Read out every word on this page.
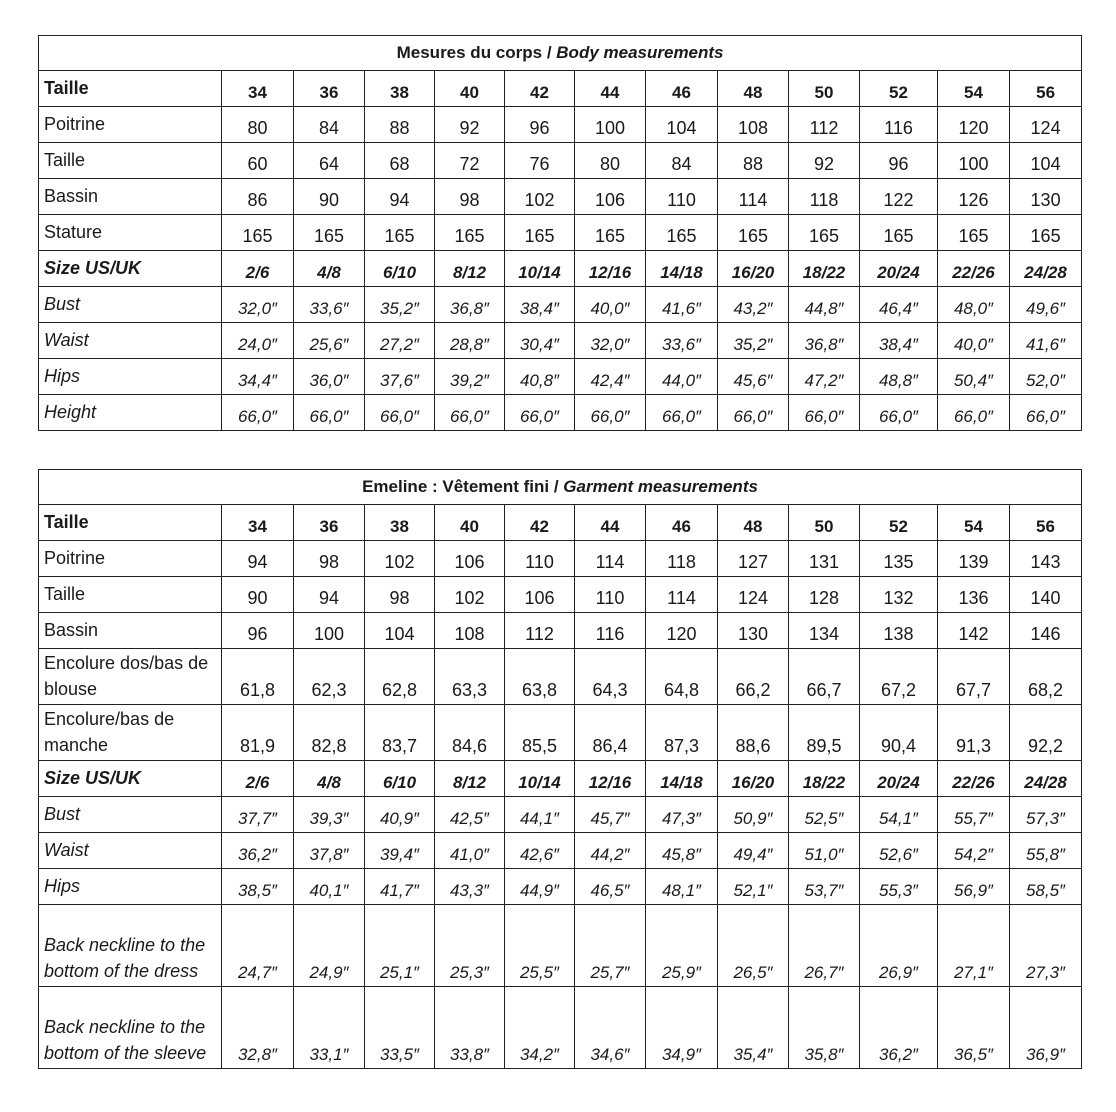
Mesures du corps / Body measurements												
Taille	34	36	38	40	42	44	46	48	50	52	54	56
Poitrine	80	84	88	92	96	100	104	108	112	116	120	124
Taille	60	64	68	72	76	80	84	88	92	96	100	104
Bassin	86	90	94	98	102	106	110	114	118	122	126	130
Stature	165	165	165	165	165	165	165	165	165	165	165	165
Size US/UK	2/6	4/8	6/10	8/12	10/14	12/16	14/18	16/20	18/22	20/24	22/26	24/28
Bust	32,0″	33,6″	35,2″	36,8″	38,4″	40,0″	41,6″	43,2″	44,8″	46,4″	48,0″	49,6″
Waist	24,0″	25,6″	27,2″	28,8″	30,4″	32,0″	33,6″	35,2″	36,8″	38,4″	40,0″	41,6″
Hips	34,4″	36,0″	37,6″	39,2″	40,8″	42,4″	44,0″	45,6″	47,2″	48,8″	50,4″	52,0″
Height	66,0″	66,0″	66,0″	66,0″	66,0″	66,0″	66,0″	66,0″	66,0″	66,0″	66,0″	66,0″
Emeline : Vêtement fini / Garment measurements												
Taille	34	36	38	40	42	44	46	48	50	52	54	56
Poitrine	94	98	102	106	110	114	118	127	131	135	139	143
Taille	90	94	98	102	106	110	114	124	128	132	136	140
Bassin	96	100	104	108	112	116	120	130	134	138	142	146
Encolure dos/bas de blouse	61,8	62,3	62,8	63,3	63,8	64,3	64,8	66,2	66,7	67,2	67,7	68,2
Encolure/bas de manche	81,9	82,8	83,7	84,6	85,5	86,4	87,3	88,6	89,5	90,4	91,3	92,2
Size US/UK	2/6	4/8	6/10	8/12	10/14	12/16	14/18	16/20	18/22	20/24	22/26	24/28
Bust	37,7″	39,3″	40,9″	42,5″	44,1″	45,7″	47,3″	50,9″	52,5″	54,1″	55,7″	57,3″
Waist	36,2″	37,8″	39,4″	41,0″	42,6″	44,2″	45,8″	49,4″	51,0″	52,6″	54,2″	55,8″
Hips	38,5″	40,1″	41,7″	43,3″	44,9″	46,5″	48,1″	52,1″	53,7″	55,3″	56,9″	58,5″
Back neckline to the bottom of the dress	24,7″	24,9″	25,1″	25,3″	25,5″	25,7″	25,9″	26,5″	26,7″	26,9″	27,1″	27,3″
Back neckline to the bottom of the sleeve	32,8″	33,1″	33,5″	33,8″	34,2″	34,6″	34,9″	35,4″	35,8″	36,2″	36,5″	36,9″
